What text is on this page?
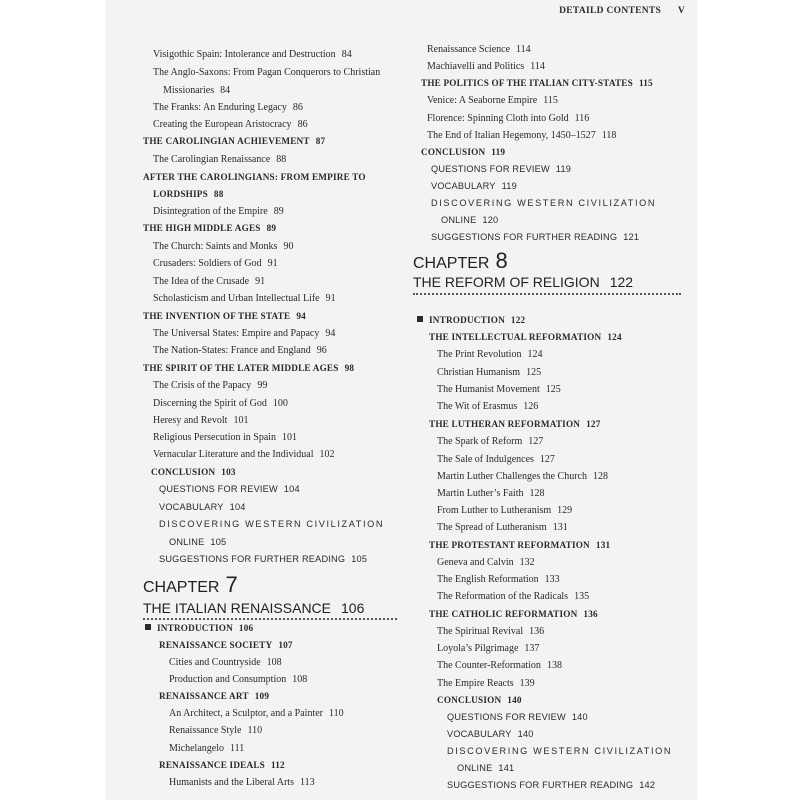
DETAILD CONTENTS V

Visigothic Spain: Intolerance and Destruction 84
The Anglo-Saxons: From Pagan Conquerors to Christian
Missionaries 84
The Franks: An Enduring Legacy 86
Creating the European Aristocracy 86
THE CAROLINGIAN ACHIEVEMENT 87
The Carolingian Renaissance 88
AFTER THE CAROLINGIANS: FROM EMPIRE TO
LORDSHIPS 88
Disintegration of the Empire 89
THE HIGH MIDDLE AGES 89
The Church: Saints and Monks 90
Crusaders: Soldiers of God 91
The Idea of the Crusade 91
Scholasticism and Urban Intellectual Life 91
THE INVENTION OF THE STATE 94
The Universal States: Empire and Papacy 94
The Nation-States: France and England 96
THE SPIRIT OF THE LATER MIDDLE AGES 98
The Crisis of the Papacy 99
Discerning the Spirit of God 100
Heresy and Revolt 101
Religious Persecution in Spain 101
Vernacular Literature and the Individual 102
CONCLUSION 103
QUESTIONS FOR REVIEW 104
VOCABULARY 104
DISCOVERING WESTERN CIVILIZATION
ONLINE 105
SUGGESTIONS FOR FURTHER READING 105
CHAPTER 7
THE ITALIAN RENAISSANCE 106
INTRODUCTION 106
RENAISSANCE SOCIETY 107
Cities and Countryside 108
Production and Consumption 108
RENAISSANCE ART 109
An Architect, a Sculptor, and a Painter 110
Renaissance Style 110
Michelangelo 111
RENAISSANCE IDEALS 112
Humanists and the Liberal Arts 113
Renaissance Science 114
Machiavelli and Politics 114
THE POLITICS OF THE ITALIAN CITY-STATES 115
Venice: A Seaborne Empire 115
Florence: Spinning Cloth into Gold 116
The End of Italian Hegemony, 1450–1527 118
CONCLUSION 119
QUESTIONS FOR REVIEW 119
VOCABULARY 119
DISCOVERING WESTERN CIVILIZATION
ONLINE 120
SUGGESTIONS FOR FURTHER READING 121
CHAPTER 8
THE REFORM OF RELIGION 122
INTRODUCTION 122
THE INTELLECTUAL REFORMATION 124
The Print Revolution 124
Christian Humanism 125
The Humanist Movement 125
The Wit of Erasmus 126
THE LUTHERAN REFORMATION 127
The Spark of Reform 127
The Sale of Indulgences 127
Martin Luther Challenges the Church 128
Martin Luther’s Faith 128
From Luther to Lutheranism 129
The Spread of Lutheranism 131
THE PROTESTANT REFORMATION 131
Geneva and Calvin 132
The English Reformation 133
The Reformation of the Radicals 135
THE CATHOLIC REFORMATION 136
The Spiritual Revival 136
Loyola’s Pilgrimage 137
The Counter-Reformation 138
The Empire Reacts 139
CONCLUSION 140
QUESTIONS FOR REVIEW 140
VOCABULARY 140
DISCOVERING WESTERN CIVILIZATION
ONLINE 141
SUGGESTIONS FOR FURTHER READING 142
